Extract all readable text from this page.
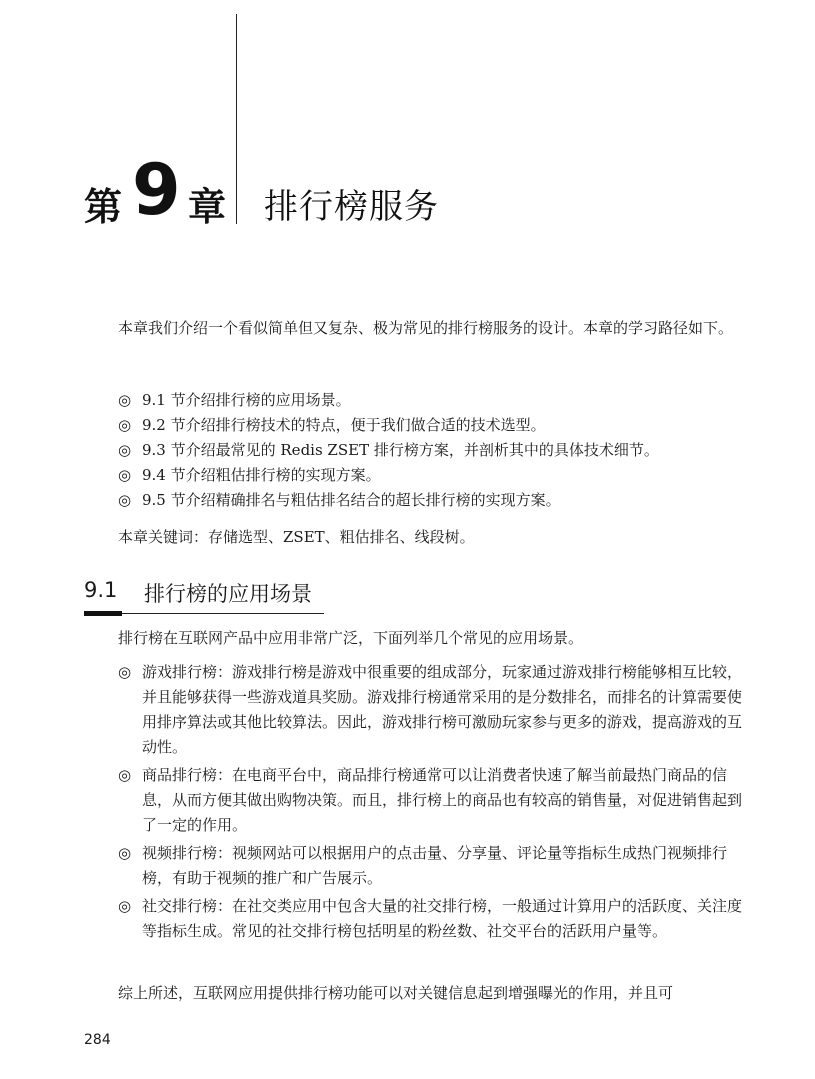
第 9 章 排行榜服务

本章我们介绍一个看似简单但又复杂、极为常见的排行榜服务的设计。本章的学习路径如下。

◎ 9.1 节介绍排行榜的应用场景。
◎ 9.2 节介绍排行榜技术的特点，便于我们做合适的技术选型。
◎ 9.3 节介绍最常见的 Redis ZSET 排行榜方案，并剖析其中的具体技术细节。
◎ 9.4 节介绍粗估排行榜的实现方案。
◎ 9.5 节介绍精确排名与粗估排名结合的超长排行榜的实现方案。

本章关键词：存储选型、ZSET、粗估排名、线段树。

9.1 排行榜的应用场景

排行榜在互联网产品中应用非常广泛，下面列举几个常见的应用场景。

◎ 游戏排行榜：游戏排行榜是游戏中很重要的组成部分，玩家通过游戏排行榜能够相互比较，并且能够获得一些游戏道具奖励。游戏排行榜通常采用的是分数排名，而排名的计算需要使用排序算法或其他比较算法。因此，游戏排行榜可激励玩家参与更多的游戏，提高游戏的互动性。
◎ 商品排行榜：在电商平台中，商品排行榜通常可以让消费者快速了解当前最热门商品的信息，从而方便其做出购物决策。而且，排行榜上的商品也有较高的销售量，对促进销售起到了一定的作用。
◎ 视频排行榜：视频网站可以根据用户的点击量、分享量、评论量等指标生成热门视频排行榜，有助于视频的推广和广告展示。
◎ 社交排行榜：在社交类应用中包含大量的社交排行榜，一般通过计算用户的活跃度、关注度等指标生成。常见的社交排行榜包括明星的粉丝数、社交平台的活跃用户量等。

综上所述，互联网应用提供排行榜功能可以对关键信息起到增强曝光的作用，并且可

284
